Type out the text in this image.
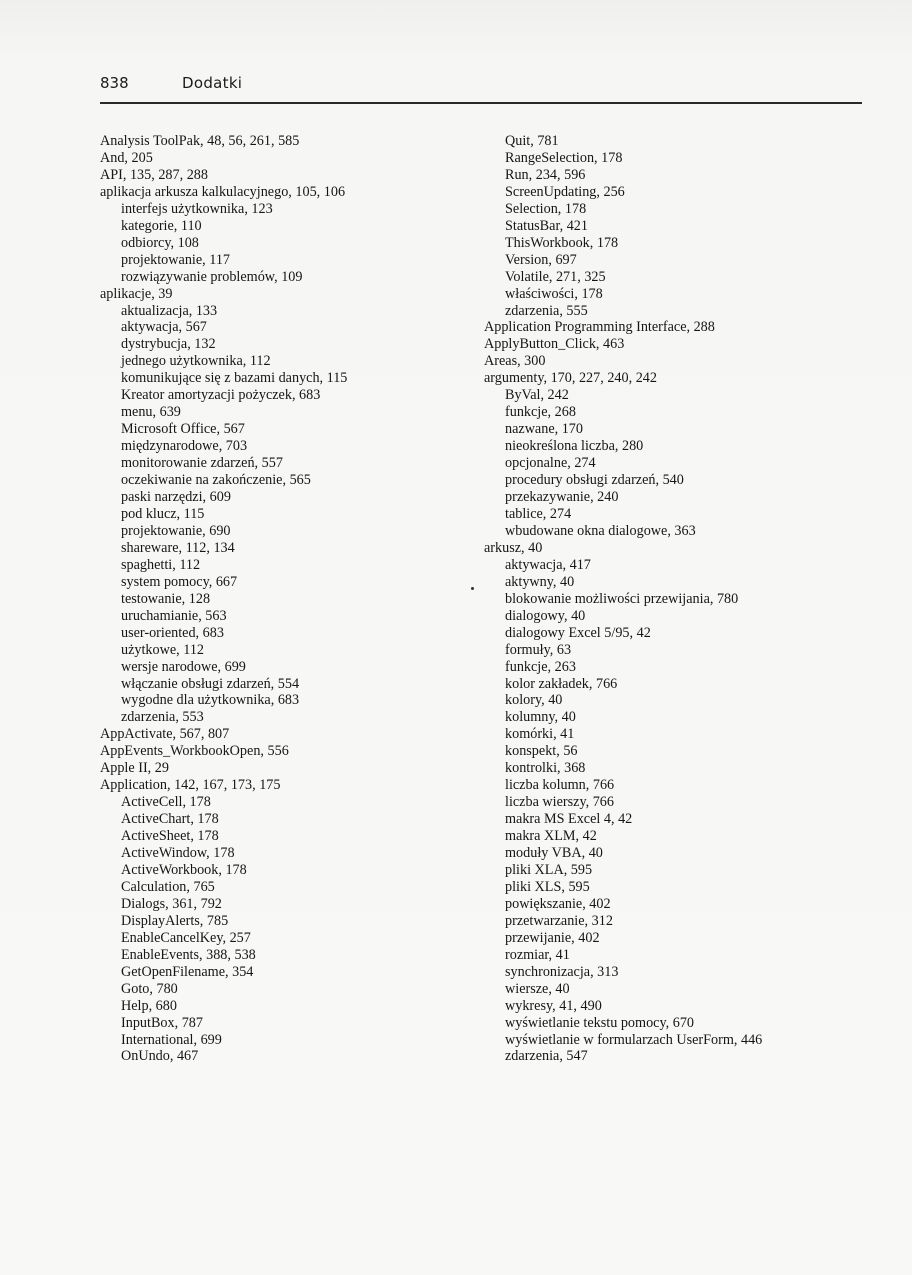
838	Dodatki
Analysis ToolPak, 48, 56, 261, 585
And, 205
API, 135, 287, 288
aplikacja arkusza kalkulacyjnego, 105, 106
interfejs użytkownika, 123
kategorie, 110
odbiorcy, 108
projektowanie, 117
rozwiązywanie problemów, 109
aplikacje, 39
aktualizacja, 133
aktywacja, 567
dystrybucja, 132
jednego użytkownika, 112
komunikujące się z bazami danych, 115
Kreator amortyzacji pożyczek, 683
menu, 639
Microsoft Office, 567
międzynarodowe, 703
monitorowanie zdarzeń, 557
oczekiwanie na zakończenie, 565
paski narzędzi, 609
pod klucz, 115
projektowanie, 690
shareware, 112, 134
spaghetti, 112
system pomocy, 667
testowanie, 128
uruchamianie, 563
user-oriented, 683
użytkowe, 112
wersje narodowe, 699
włączanie obsługi zdarzeń, 554
wygodne dla użytkownika, 683
zdarzenia, 553
AppActivate, 567, 807
AppEvents_WorkbookOpen, 556
Apple II, 29
Application, 142, 167, 173, 175
ActiveCell, 178
ActiveChart, 178
ActiveSheet, 178
ActiveWindow, 178
ActiveWorkbook, 178
Calculation, 765
Dialogs, 361, 792
DisplayAlerts, 785
EnableCancelKey, 257
EnableEvents, 388, 538
GetOpenFilename, 354
Goto, 780
Help, 680
InputBox, 787
International, 699
OnUndo, 467
Quit, 781
RangeSelection, 178
Run, 234, 596
ScreenUpdating, 256
Selection, 178
StatusBar, 421
ThisWorkbook, 178
Version, 697
Volatile, 271, 325
właściwości, 178
zdarzenia, 555
Application Programming Interface, 288
ApplyButton_Click, 463
Areas, 300
argumenty, 170, 227, 240, 242
ByVal, 242
funkcje, 268
nazwane, 170
nieokreślona liczba, 280
opcjonalne, 274
procedury obsługi zdarzeń, 540
przekazywanie, 240
tablice, 274
wbudowane okna dialogowe, 363
arkusz, 40
aktywacja, 417
aktywny, 40
blokowanie możliwości przewijania, 780
dialogowy, 40
dialogowy Excel 5/95, 42
formuły, 63
funkcje, 263
kolor zakładek, 766
kolory, 40
kolumny, 40
komórki, 41
konspekt, 56
kontrolki, 368
liczba kolumn, 766
liczba wierszy, 766
makra MS Excel 4, 42
makra XLM, 42
moduły VBA, 40
pliki XLA, 595
pliki XLS, 595
powiększanie, 402
przetwarzanie, 312
przewijanie, 402
rozmiar, 41
synchronizacja, 313
wiersze, 40
wykresy, 41, 490
wyświetlanie tekstu pomocy, 670
wyświetlanie w formularzach UserForm, 446
zdarzenia, 547
